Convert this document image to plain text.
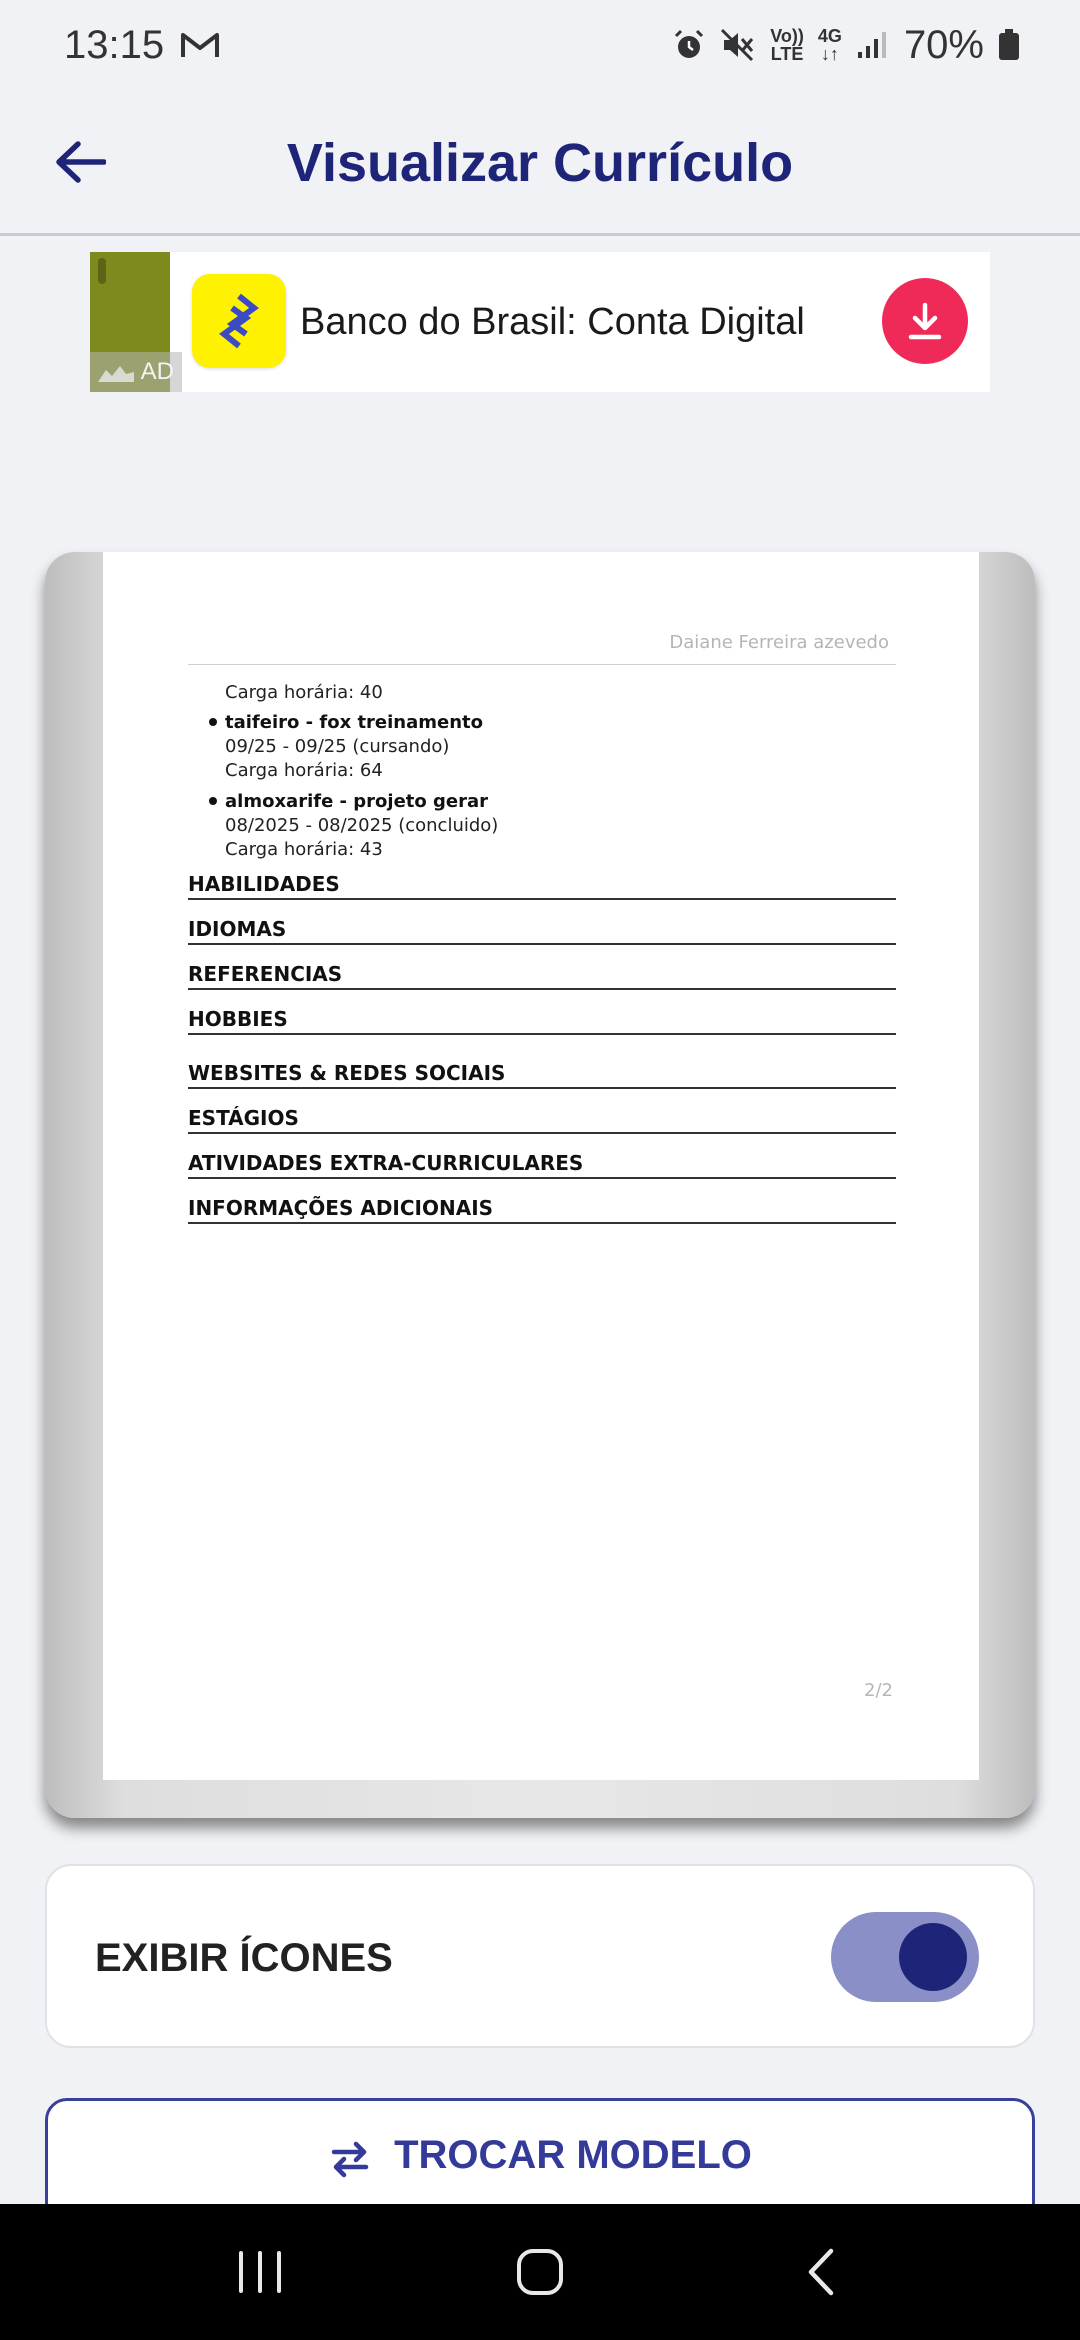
13:15	Vo))
LTE
4G
↓↑ 70%
Visualizar Currículo
AD
Banco do Brasil: Conta Digital
Daiane Ferreira azevedo
Carga horária: 40
taifeiro - fox treinamento
09/25 - 09/25 (cursando)
Carga horária: 64
almoxarife - projeto gerar
08/2025 - 08/2025 (concluido)
Carga horária: 43
HABILIDADES
IDIOMAS
REFERENCIAS
HOBBIES
WEBSITES & REDES SOCIAIS
ESTÁGIOS
ATIVIDADES EXTRA-CURRICULARES
INFORMAÇÕES ADICIONAIS
2/2
EXIBIR ÍCONES
TROCAR MODELO
